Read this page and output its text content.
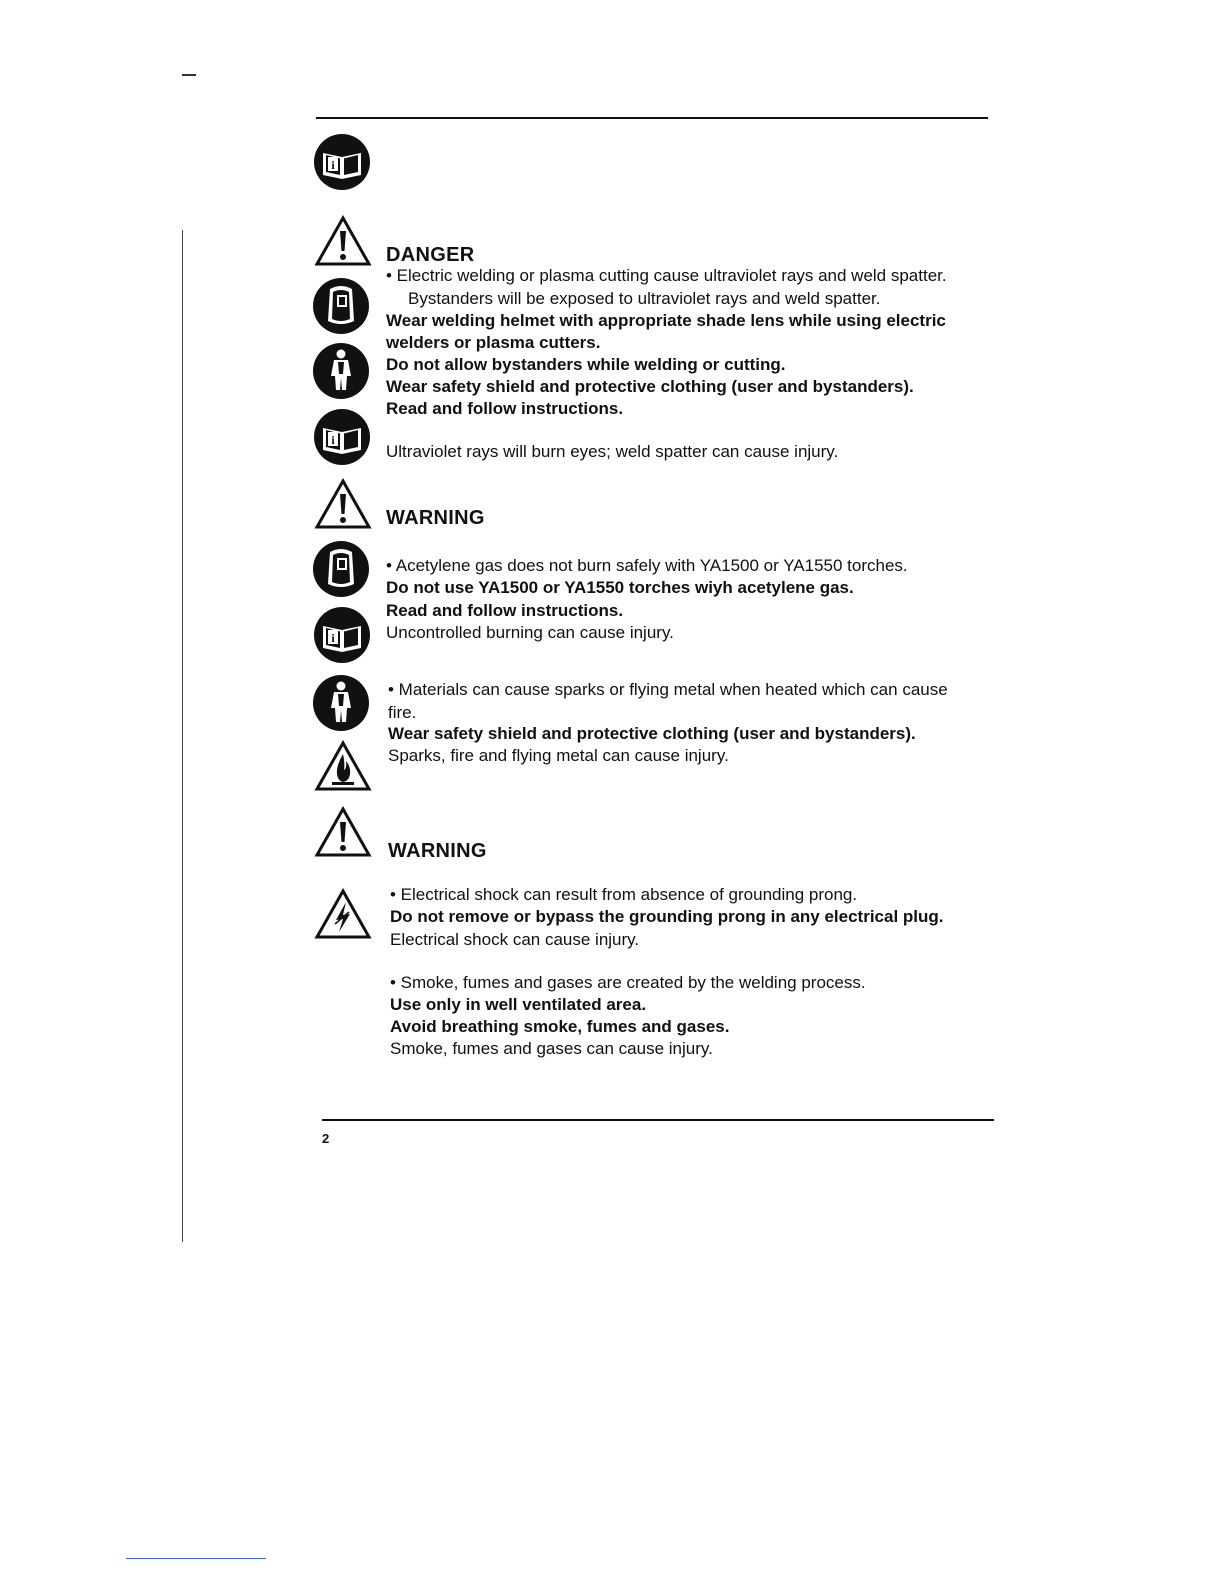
2
i
i
i
DANGER
• Electric welding or plasma cutting cause ultraviolet rays and weld spatter.
Bystanders will be exposed to ultraviolet rays and weld spatter.
Wear welding helmet with appropriate shade lens while using electric
welders or plasma cutters.
Do not allow bystanders while welding or cutting.
Wear safety shield and protective clothing (user and bystanders).
Read and follow instructions.
Ultraviolet rays will burn eyes; weld spatter can cause injury.
WARNING
• Acetylene gas does not burn safely with YA1500 or YA1550 torches.
Do not use YA1500 or YA1550 torches wiyh acetylene gas.
Read and follow instructions.
Uncontrolled burning can cause injury.
• Materials can cause sparks or flying metal when heated which can cause
fire.
Wear safety shield and protective clothing (user and bystanders).
Sparks, fire and flying metal can cause injury.
WARNING
• Electrical shock can result from absence of grounding prong.
Do not remove or bypass the grounding prong in any electrical plug.
Electrical shock can cause injury.
• Smoke, fumes and gases are created by the welding process.
Use only in well ventilated area.
Avoid breathing smoke, fumes and gases.
Smoke, fumes and gases can cause injury.
